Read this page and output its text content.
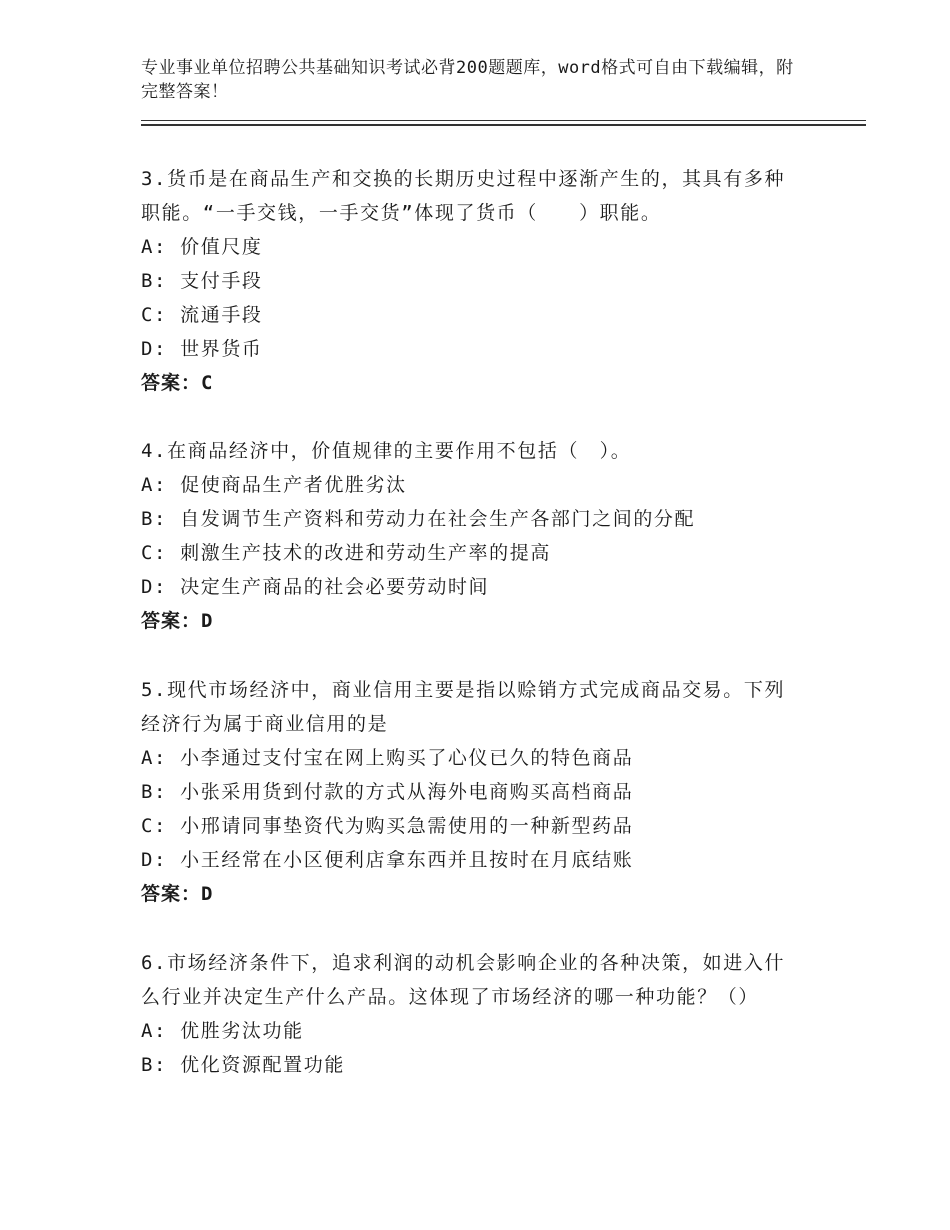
专业事业单位招聘公共基础知识考试必背200题题库，word格式可自由下载编辑，附完整答案！
3.货币是在商品生产和交换的长期历史过程中逐渐产生的，其具有多种职能。“一手交钱，一手交货”体现了货币（　　）职能。
A: 价值尺度
B: 支付手段
C: 流通手段
D: 世界货币
答案：C
4.在商品经济中，价值规律的主要作用不包括（　）。
A: 促使商品生产者优胜劣汰
B: 自发调节生产资料和劳动力在社会生产各部门之间的分配
C: 刺激生产技术的改进和劳动生产率的提高
D: 决定生产商品的社会必要劳动时间
答案：D
5.现代市场经济中，商业信用主要是指以赊销方式完成商品交易。下列经济行为属于商业信用的是
A: 小李通过支付宝在网上购买了心仪已久的特色商品
B: 小张采用货到付款的方式从海外电商购买高档商品
C: 小邢请同事垫资代为购买急需使用的一种新型药品
D: 小王经常在小区便利店拿东西并且按时在月底结账
答案：D
6.市场经济条件下，追求利润的动机会影响企业的各种决策，如进入什么行业并决定生产什么产品。这体现了市场经济的哪一种功能？（）
A: 优胜劣汰功能
B: 优化资源配置功能
